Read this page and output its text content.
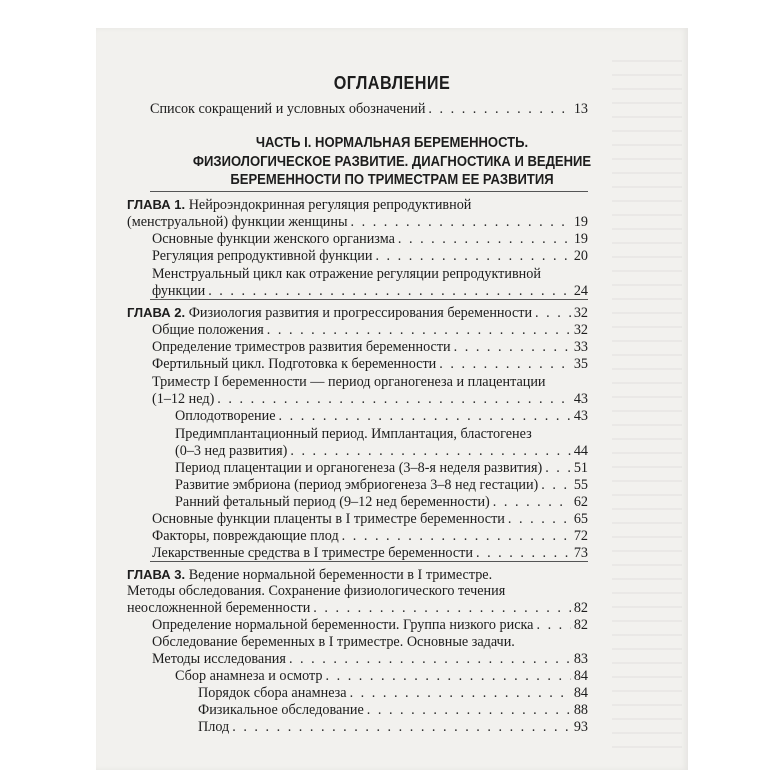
ОГЛАВЛЕНИЕ
Список сокращений и условных обозначений . . .	13
ЧАСТЬ I. НОРМАЛЬНАЯ БЕРЕМЕННОСТЬ.
ФИЗИОЛОГИЧЕСКОЕ РАЗВИТИЕ. ДИАГНОСТИКА И ВЕДЕНИЕ
БЕРЕМЕННОСТИ ПО ТРИМЕСТРАМ ЕЕ РАЗВИТИЯ
ГЛАВА 1. Нейроэндокринная регуляция репродуктивной
(менструальной) функции женщины . . .	19
Основные функции женского организма . . .	19
Регуляция репродуктивной функции . . .	20
Менструальный цикл как отражение регуляции репродуктивной
функции . . .	24
ГЛАВА 2. Физиология развития и прогрессирования беременности . . .	32
Общие положения . . .	32
Определение триместров развития беременности . . .	33
Фертильный цикл. Подготовка к беременности . . .	35
Триместр I беременности — период органогенеза и плацентации
(1–12 нед) . . .	43
Оплодотворение . . .	43
Предимплантационный период. Имплантация, бластогенез
(0–3 нед развития) . . .	44
Период плацентации и органогенеза (3–8-я неделя развития) . . . 51
Развитие эмбриона (период эмбриогенеза 3–8 нед гестации) . . .	55
Ранний фетальный период (9–12 нед беременности) . . .	62
Основные функции плаценты в I триместре беременности . . .	65
Факторы, повреждающие плод . . .	72
Лекарственные средства в I триместре беременности . . .	73
ГЛАВА 3. Ведение нормальной беременности в I триместре.
Методы обследования. Сохранение физиологического течения
неосложненной беременности . . .	82
Определение нормальной беременности. Группа низкого риска . . .	82
Обследование беременных в I триместре. Основные задачи.
Методы исследования . . .	83
Сбор анамнеза и осмотр . . .	84
Порядок сбора анамнеза . . .	84
Физикальное обследование . . .	88
Плод . . .	93
